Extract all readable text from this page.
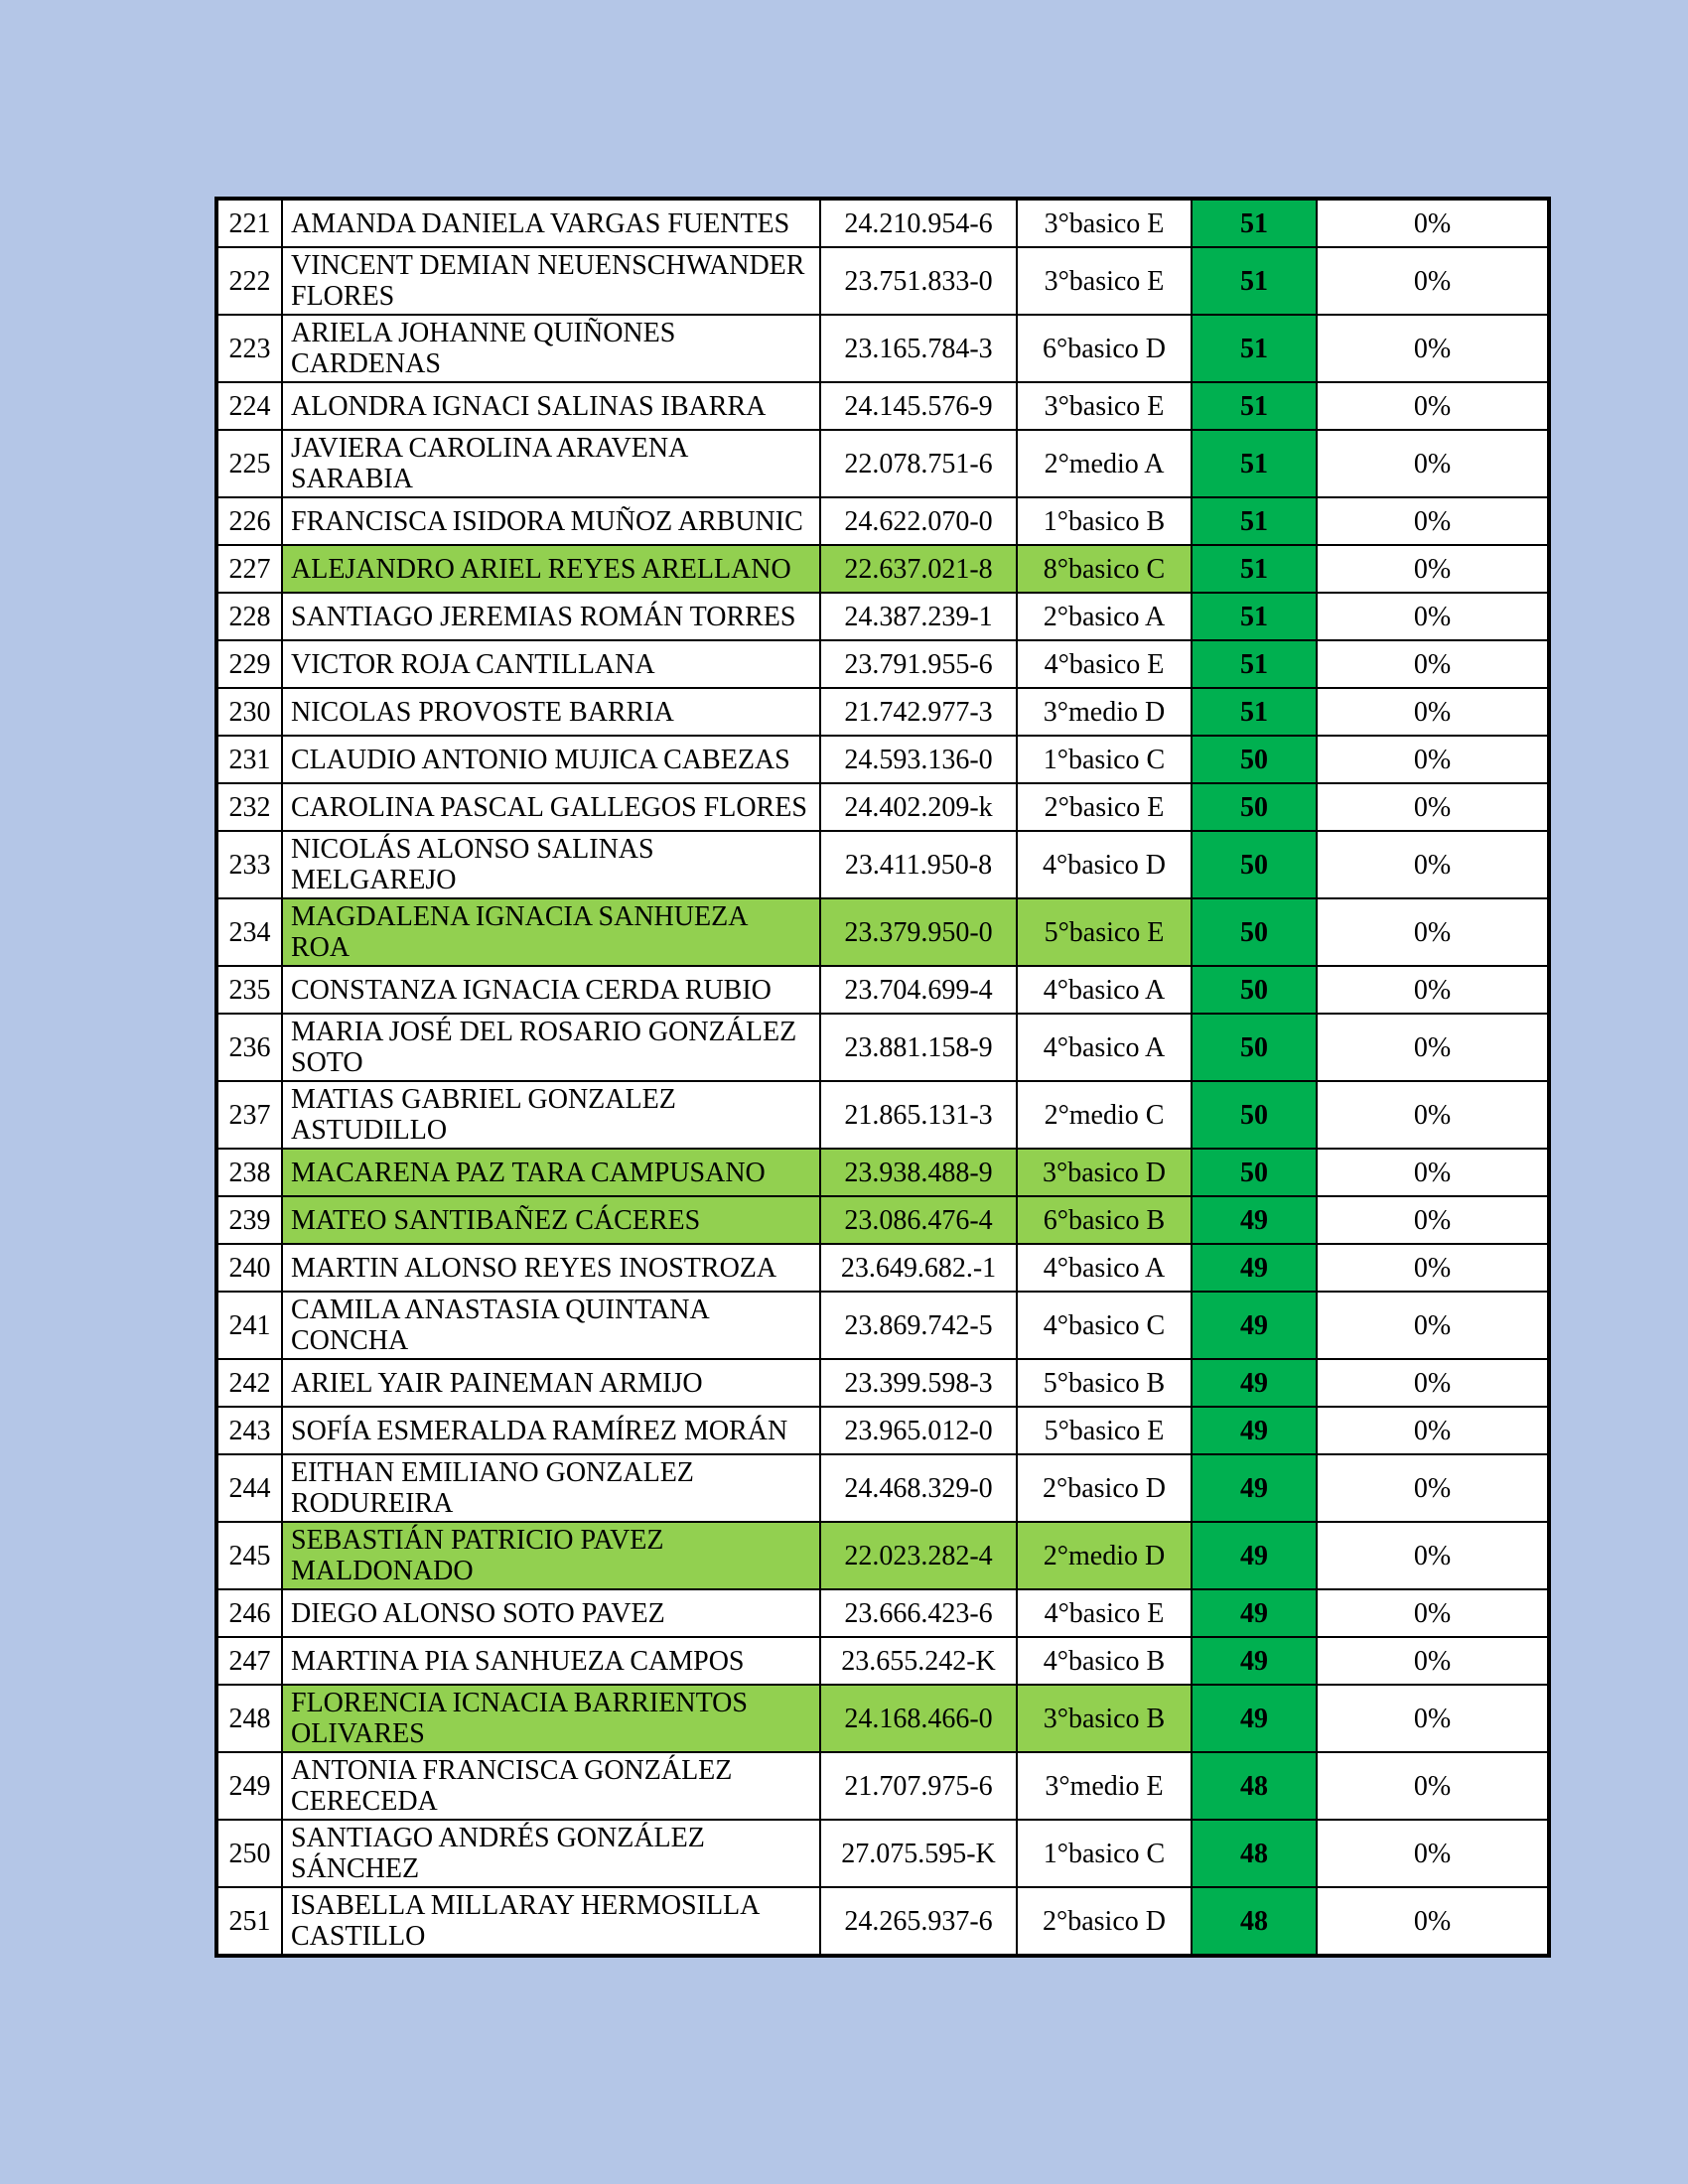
221	AMANDA DANIELA VARGAS FUENTES	24.210.954-6	3°basico E	51	0%
222	VINCENT DEMIAN NEUENSCHWANDER FLORES	23.751.833-0	3°basico E	51	0%
223	ARIELA JOHANNE QUIÑONES CARDENAS	23.165.784-3	6°basico D	51	0%
224	ALONDRA IGNACI SALINAS IBARRA	24.145.576-9	3°basico E	51	0%
225	JAVIERA CAROLINA ARAVENA SARABIA	22.078.751-6	2°medio A	51	0%
226	FRANCISCA ISIDORA MUÑOZ ARBUNIC	24.622.070-0	1°basico B	51	0%
227	ALEJANDRO ARIEL REYES ARELLANO	22.637.021-8	8°basico C	51	0%
228	SANTIAGO JEREMIAS ROMÁN TORRES	24.387.239-1	2°basico A	51	0%
229	VICTOR ROJA CANTILLANA	23.791.955-6	4°basico E	51	0%
230	NICOLAS PROVOSTE BARRIA	21.742.977-3	3°medio D	51	0%
231	CLAUDIO ANTONIO MUJICA CABEZAS	24.593.136-0	1°basico C	50	0%
232	CAROLINA PASCAL GALLEGOS FLORES	24.402.209-k	2°basico E	50	0%
233	NICOLÁS ALONSO SALINAS MELGAREJO	23.411.950-8	4°basico D	50	0%
234	MAGDALENA IGNACIA SANHUEZA ROA	23.379.950-0	5°basico E	50	0%
235	CONSTANZA IGNACIA CERDA RUBIO	23.704.699-4	4°basico A	50	0%
236	MARIA JOSÉ DEL ROSARIO GONZÁLEZ SOTO	23.881.158-9	4°basico A	50	0%
237	MATIAS GABRIEL GONZALEZ ASTUDILLO	21.865.131-3	2°medio C	50	0%
238	MACARENA PAZ TARA CAMPUSANO	23.938.488-9	3°basico D	50	0%
239	MATEO SANTIBAÑEZ CÁCERES	23.086.476-4	6°basico B	49	0%
240	MARTIN ALONSO REYES INOSTROZA	23.649.682.-1	4°basico A	49	0%
241	CAMILA ANASTASIA QUINTANA CONCHA	23.869.742-5	4°basico C	49	0%
242	ARIEL YAIR PAINEMAN ARMIJO	23.399.598-3	5°basico B	49	0%
243	SOFÍA ESMERALDA RAMÍREZ MORÁN	23.965.012-0	5°basico E	49	0%
244	EITHAN EMILIANO GONZALEZ RODUREIRA	24.468.329-0	2°basico D	49	0%
245	SEBASTIÁN PATRICIO PAVEZ MALDONADO	22.023.282-4	2°medio D	49	0%
246	DIEGO ALONSO SOTO PAVEZ	23.666.423-6	4°basico E	49	0%
247	MARTINA PIA SANHUEZA CAMPOS	23.655.242-K	4°basico B	49	0%
248	FLORENCIA ICNACIA BARRIENTOS OLIVARES	24.168.466-0	3°basico B	49	0%
249	ANTONIA FRANCISCA GONZÁLEZ CERECEDA	21.707.975-6	3°medio E	48	0%
250	SANTIAGO ANDRÉS GONZÁLEZ SÁNCHEZ	27.075.595-K	1°basico C	48	0%
251	ISABELLA MILLARAY HERMOSILLA CASTILLO	24.265.937-6	2°basico D	48	0%
